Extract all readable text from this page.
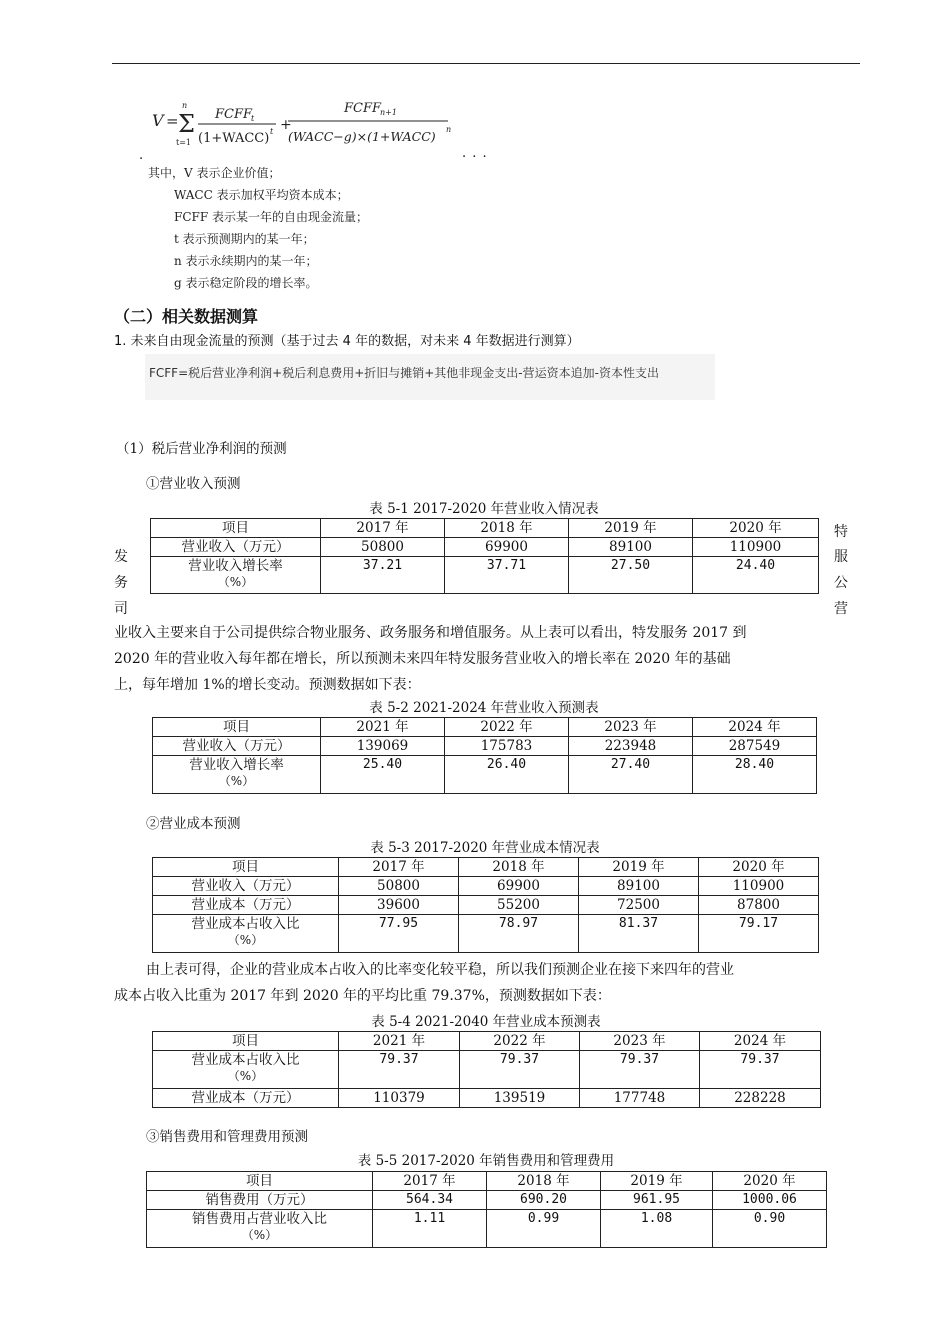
V =
n
Σ
t=1
FCFF
t
(1+WACC) t +
FCFF
n+1
(WACC−g)×(1+WACC) n
.	. . .
其中，V 表示企业价值；
WACC 表示加权平均资本成本；
FCFF 表示某一年的自由现金流量；
t 表示预测期内的某一年；
n 表示永续期内的某一年；
g 表示稳定阶段的增长率。
（二）相关数据测算
1. 未来自由现金流量的预测（基于过去 4 年的数据，对未来 4 年数据进行测算）
FCFF=税后营业净利润+税后利息费用+折旧与摊销+其他非现金支出-营运资本追加-资本性支出
（1）税后营业净利润的预测
①营业收入预测
表 5-1 2017-2020 年营业收入情况表
项目	2017 年	2018 年	2019 年	2020 年
营业收入（万元）	50800	69900	89100	110900
营业收入增长率
（%）	37.21	37.71	27.50	24.40
发
务
司
特
服
公
营
业收入主要来自于公司提供综合物业服务、政务服务和增值服务。从上表可以看出，特发服务 2017 到
2020 年的营业收入每年都在增长，所以预测未来四年特发服务营业收入的增长率在 2020 年的基础
上，每年增加 1%的增长变动。预测数据如下表：
表 5-2 2021-2024 年营业收入预测表
项目	2021 年	2022 年	2023 年	2024 年
营业收入（万元）	139069	175783	223948	287549
营业收入增长率
（%）	25.40	26.40	27.40	28.40
②营业成本预测
表 5-3 2017-2020 年营业成本情况表
项目	2017 年	2018 年	2019 年	2020 年
营业收入（万元）	50800	69900	89100	110900
营业成本（万元）	39600	55200	72500	87800
营业成本占收入比
（%）	77.95	78.97	81.37	79.17
由上表可得，企业的营业成本占收入的比率变化较平稳，所以我们预测企业在接下来四年的营业
成本占收入比重为 2017 年到 2020 年的平均比重 79.37%，预测数据如下表：
表 5-4 2021-2040 年营业成本预测表
项目	2021 年	2022 年	2023 年	2024 年
营业成本占收入比
（%）	79.37	79.37	79.37	79.37
营业成本（万元）	110379	139519	177748	228228
③销售费用和管理费用预测
表 5-5 2017-2020 年销售费用和管理费用
项目	2017 年	2018 年	2019 年	2020 年
销售费用（万元）	564.34	690.20	961.95	1000.06
销售费用占营业收入比
（%）	1.11	0.99	1.08	0.90
